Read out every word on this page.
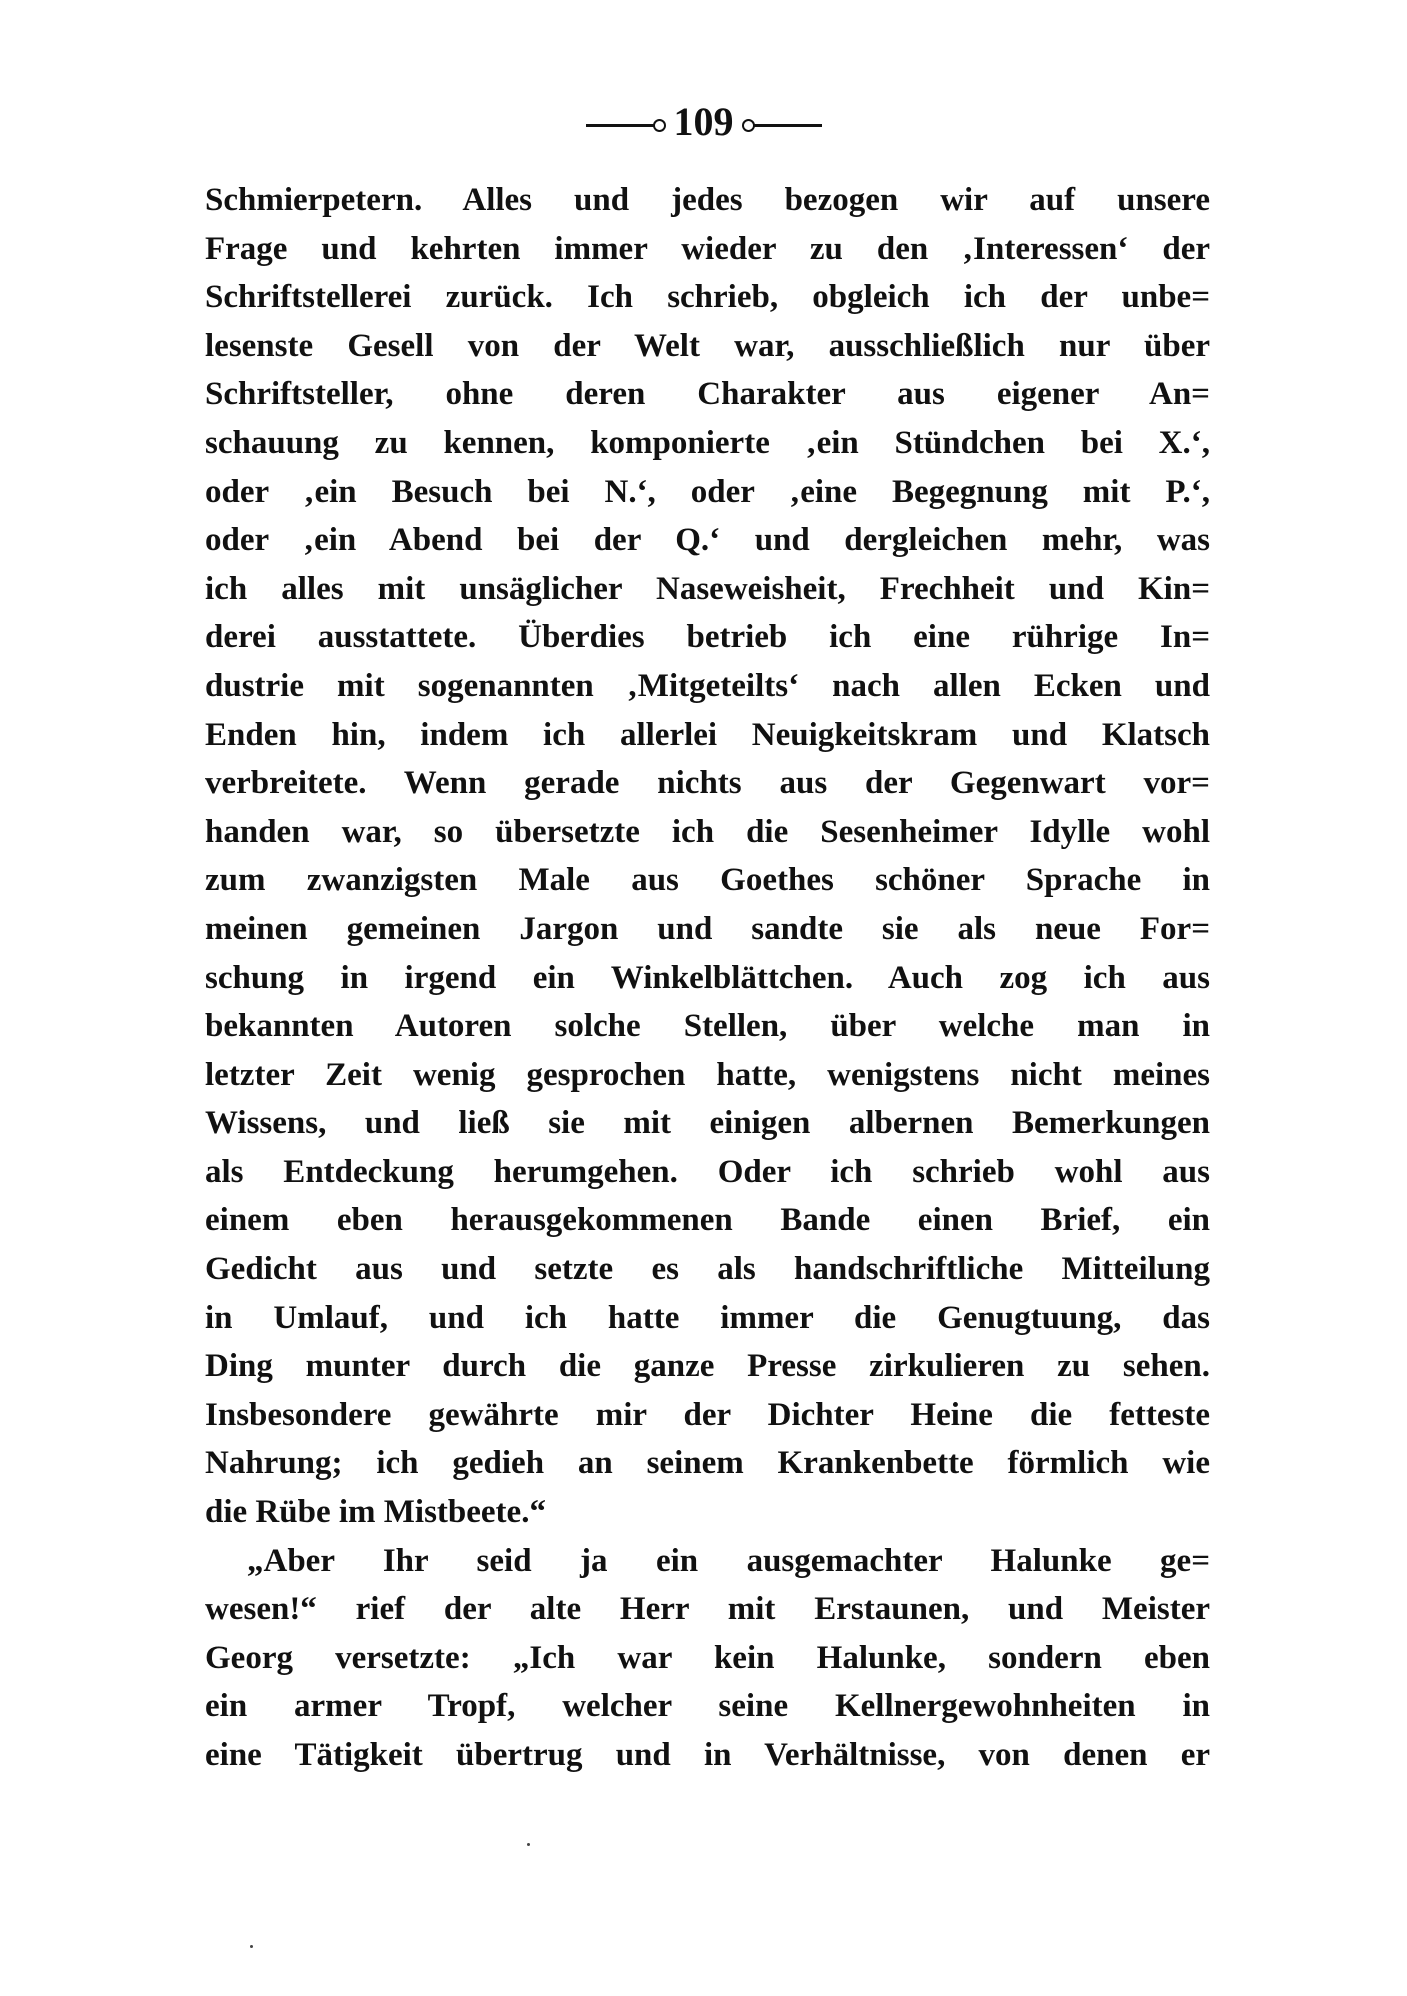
109
Schmierpetern. Alles und jedes bezogen wir auf unsere
Frage und kehrten immer wieder zu den ‚Interessen‘ der
Schriftstellerei zurück. Ich schrieb, obgleich ich der unbe=
lesenste Gesell von der Welt war, ausschließlich nur über
Schriftsteller, ohne deren Charakter aus eigener An=
schauung zu kennen, komponierte ‚ein Stündchen bei X.‘,
oder ‚ein Besuch bei N.‘, oder ‚eine Begegnung mit P.‘,
oder ‚ein Abend bei der Q.‘ und dergleichen mehr, was
ich alles mit unsäglicher Naseweisheit, Frechheit und Kin=
derei ausstattete. Überdies betrieb ich eine rührige In=
dustrie mit sogenannten ‚Mitgeteilts‘ nach allen Ecken und
Enden hin, indem ich allerlei Neuigkeitskram und Klatsch
verbreitete. Wenn gerade nichts aus der Gegenwart vor=
handen war, so übersetzte ich die Sesenheimer Idylle wohl
zum zwanzigsten Male aus Goethes schöner Sprache in
meinen gemeinen Jargon und sandte sie als neue For=
schung in irgend ein Winkelblättchen. Auch zog ich aus
bekannten Autoren solche Stellen, über welche man in
letzter Zeit wenig gesprochen hatte, wenigstens nicht meines
Wissens, und ließ sie mit einigen albernen Bemerkungen
als Entdeckung herumgehen. Oder ich schrieb wohl aus
einem eben herausgekommenen Bande einen Brief, ein
Gedicht aus und setzte es als handschriftliche Mitteilung
in Umlauf, und ich hatte immer die Genugtuung, das
Ding munter durch die ganze Presse zirkulieren zu sehen.
Insbesondere gewährte mir der Dichter Heine die fetteste
Nahrung; ich gedieh an seinem Krankenbette förmlich wie
die Rübe im Mistbeete.“
„Aber Ihr seid ja ein ausgemachter Halunke ge=
wesen!“ rief der alte Herr mit Erstaunen, und Meister
Georg versetzte: „Ich war kein Halunke, sondern eben
ein armer Tropf, welcher seine Kellnergewohnheiten in
eine Tätigkeit übertrug und in Verhältnisse, von denen er
